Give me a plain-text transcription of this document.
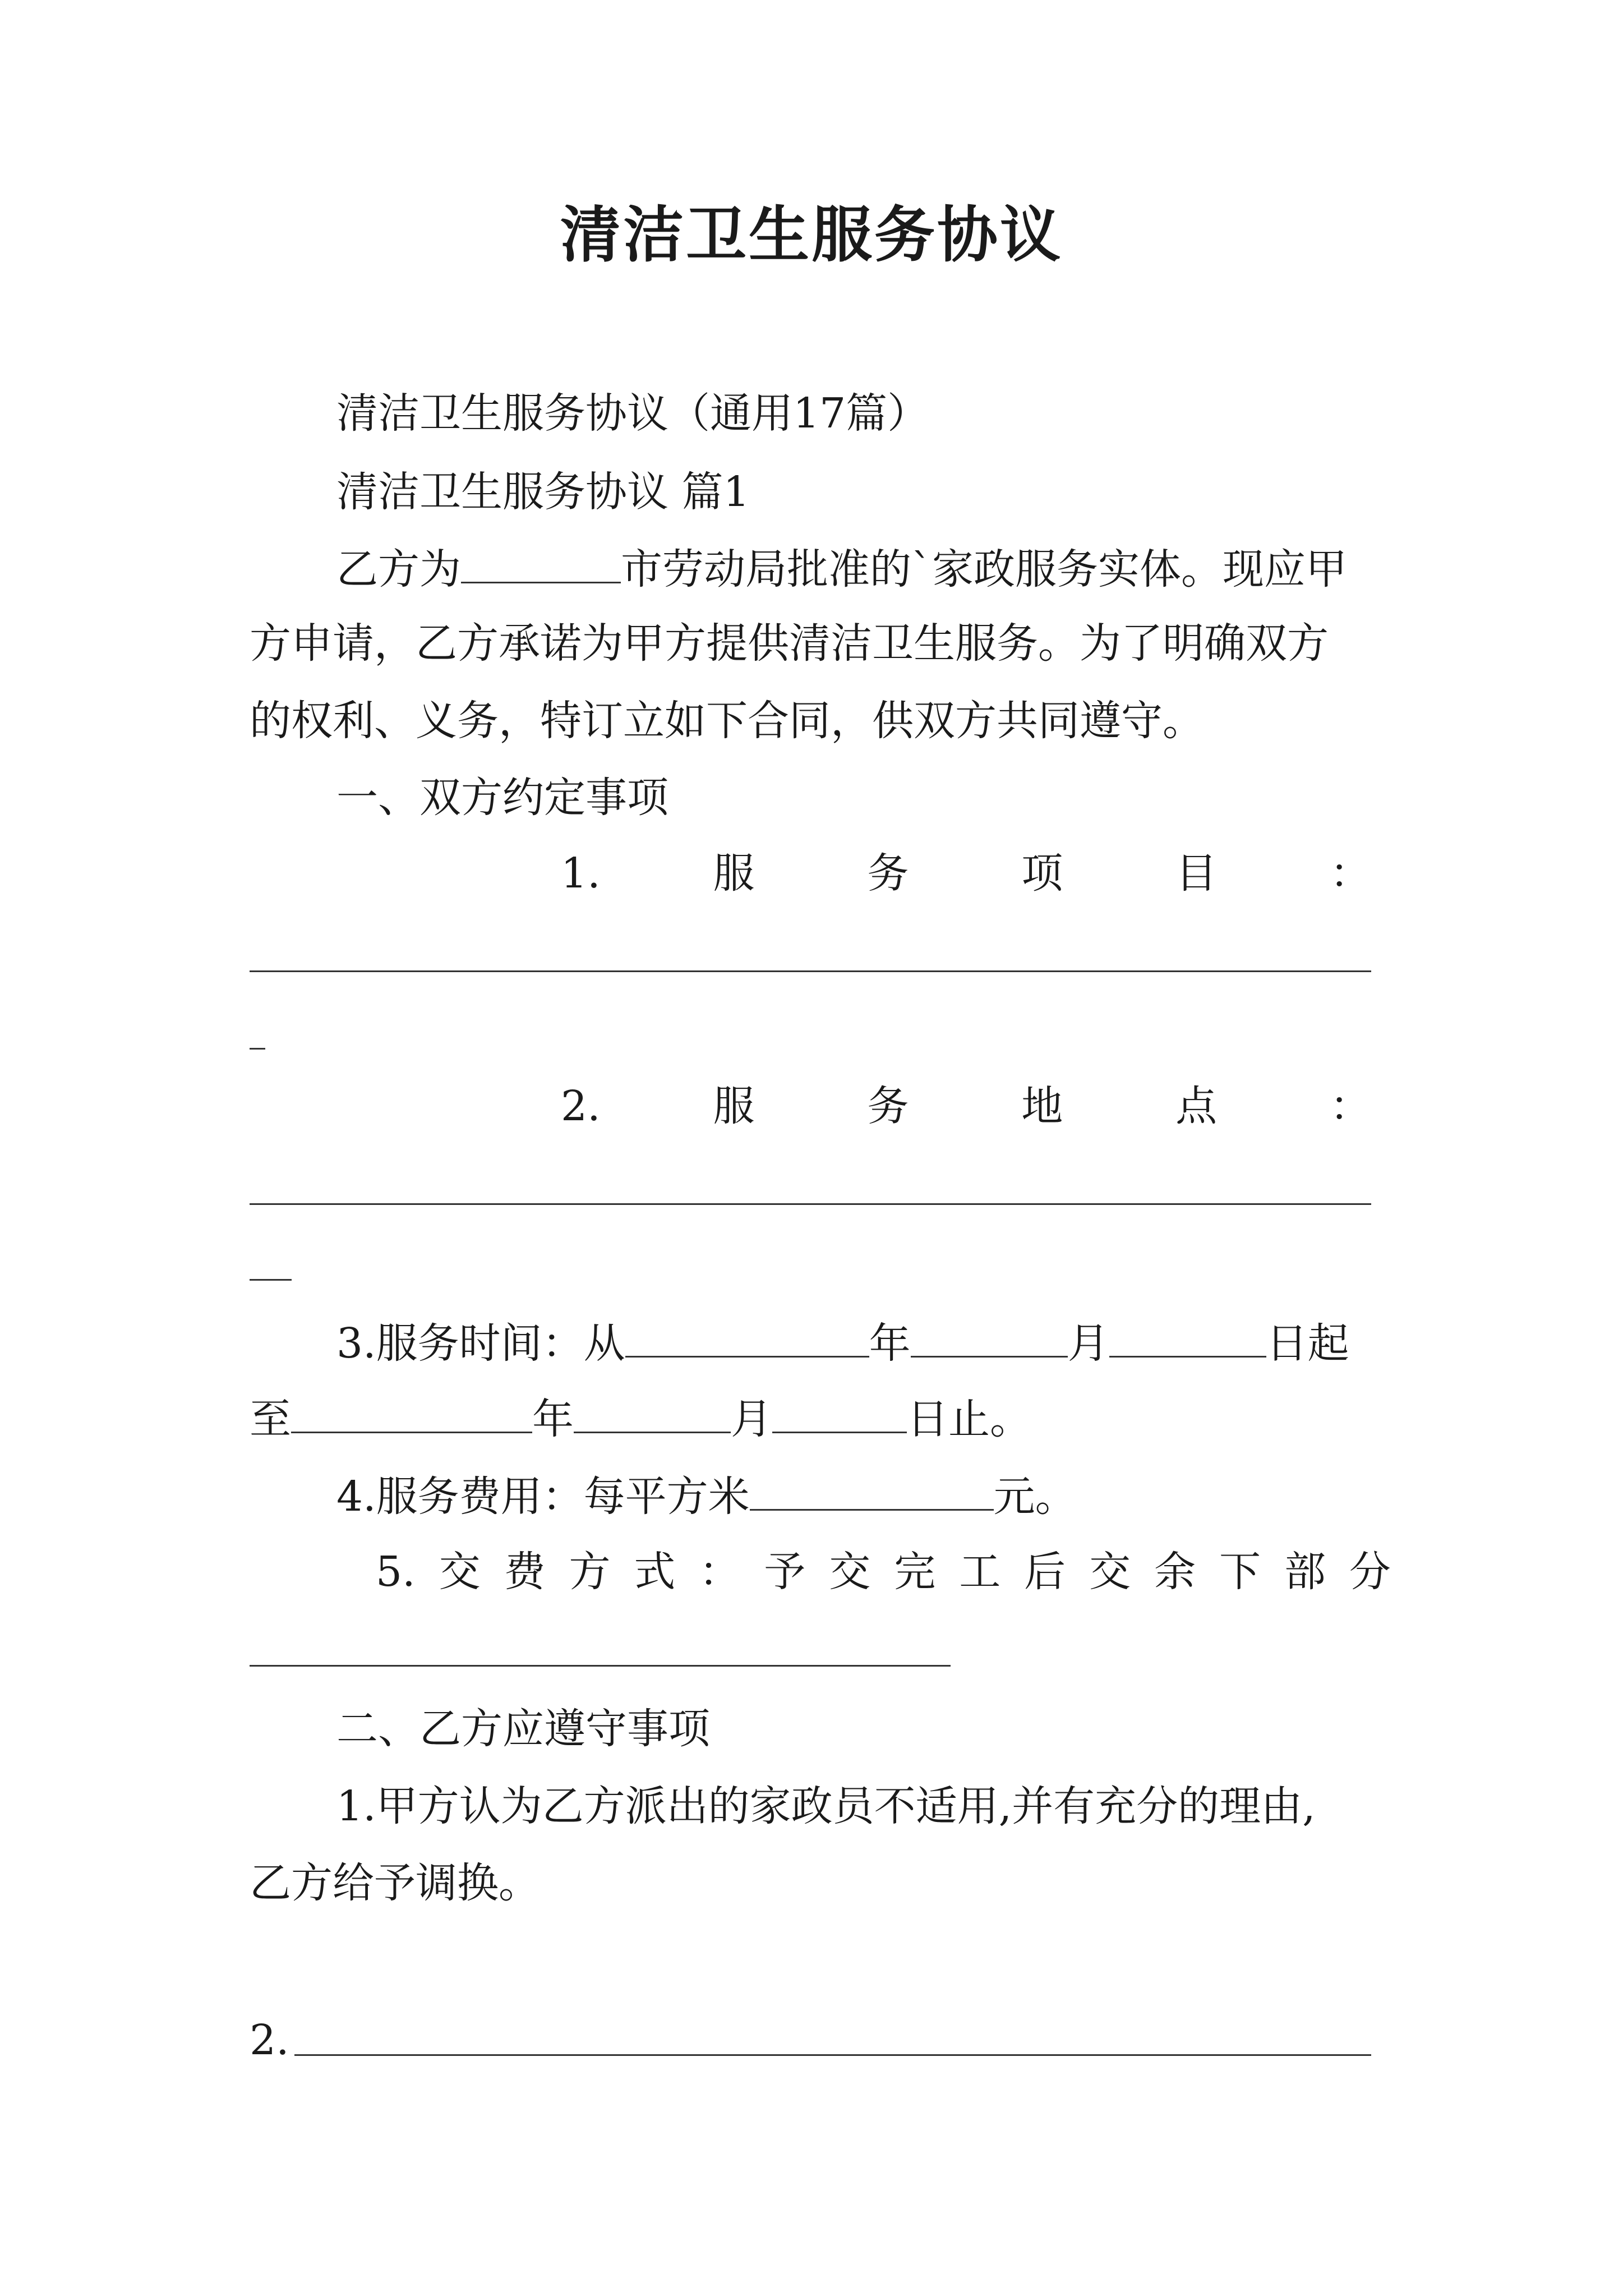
清洁卫生服务协议
清洁卫生服务协议（通用17篇）
清洁卫生服务协议 篇1
乙方为	市劳动局批准的`家政服务实体。现应甲
方申请，乙方承诺为甲方提供清洁卫生服务。为了明确双方
的权利、义务，特订立如下合同，供双方共同遵守。
一、双方约定事项
1.	服	务	项	目	：
2.	服	务	地	点	：
3.服务时间：从	年	月	日起
至	年	月	日止。
4.服务费用：每平方米	元。
5. 交 费 方 式 ： 予 交 完 工 后 交 余 下 部 分
二、乙方应遵守事项
1.甲方认为乙方派出的家政员不适用,并有充分的理由,
乙方给予调换。
2.
